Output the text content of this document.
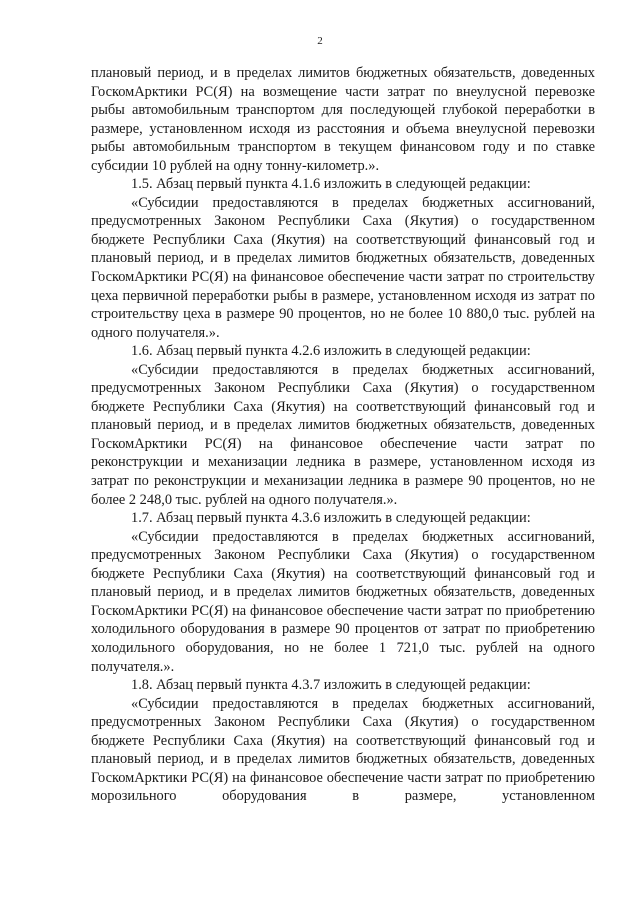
2

плановый период, и в пределах лимитов бюджетных обязательств, доведенных ГоскомАрктики РС(Я) на возмещение части затрат по внеулусной перевозке рыбы автомобильным транспортом для последующей глубокой переработки в размере, установленном исходя из расстояния и объема внеулусной перевозки рыбы автомобильным транспортом в текущем финансовом году и по ставке субсидии 10 рублей на одну тонну-километр.».

1.5. Абзац первый пункта 4.1.6 изложить в следующей редакции:

«Субсидии предоставляются в пределах бюджетных ассигнований, предусмотренных Законом Республики Саха (Якутия) о государственном бюджете Республики Саха (Якутия) на соответствующий финансовый год и плановый период, и в пределах лимитов бюджетных обязательств, доведенных ГоскомАрктики РС(Я) на финансовое обеспечение части затрат по строительству цеха первичной переработки рыбы в размере, установленном исходя из затрат по строительству цеха в размере 90 процентов, но не более 10 880,0 тыс. рублей на одного получателя.».

1.6. Абзац первый пункта 4.2.6 изложить в следующей редакции:

«Субсидии предоставляются в пределах бюджетных ассигнований, предусмотренных Законом Республики Саха (Якутия) о государственном бюджете Республики Саха (Якутия) на соответствующий финансовый год и плановый период, и в пределах лимитов бюджетных обязательств, доведенных ГоскомАрктики РС(Я) на финансовое обеспечение части затрат по реконструкции и механизации ледника в размере, установленном исходя из затрат по реконструкции и механизации ледника в размере 90 процентов, но не более 2 248,0 тыс. рублей на одного получателя.».

1.7. Абзац первый пункта 4.3.6 изложить в следующей редакции:

«Субсидии предоставляются в пределах бюджетных ассигнований, предусмотренных Законом Республики Саха (Якутия) о государственном бюджете Республики Саха (Якутия) на соответствующий финансовый год и плановый период, и в пределах лимитов бюджетных обязательств, доведенных ГоскомАрктики РС(Я) на финансовое обеспечение части затрат по приобретению холодильного оборудования в размере 90 процентов от затрат по приобретению холодильного оборудования, но не более 1 721,0 тыс. рублей на одного получателя.».

1.8. Абзац первый пункта 4.3.7 изложить в следующей редакции:

«Субсидии предоставляются в пределах бюджетных ассигнований, предусмотренных Законом Республики Саха (Якутия) о государственном бюджете Республики Саха (Якутия) на соответствующий финансовый год и плановый период, и в пределах лимитов бюджетных обязательств, доведенных ГоскомАрктики РС(Я) на финансовое обеспечение части затрат по приобретению морозильного оборудования в размере, установленном
